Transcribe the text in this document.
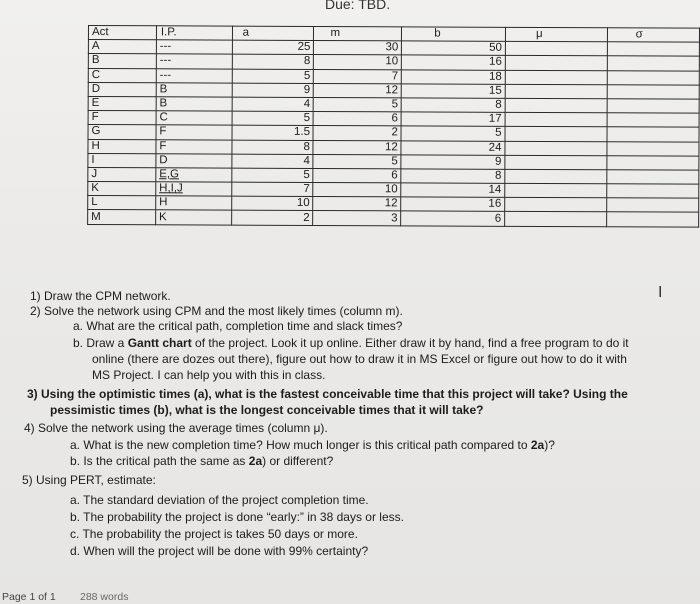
Due: TBD.
Act	I.P.	a	m	b	μ	σ
A	---	25	30	50		
B	---	8	10	16		
C	---	5	7	18		
D	B	9	12	15		
E	B	4	5	8		
F	C	5	6	17		
G	F	1.5	2	5		
H	F	8	12	24		
I	D	4	5	9		
J	E,G	5	6	8		
K	H,I,J	7	10	14		
L	H	10	12	16		
M	K	2	3	6		
I
1) Draw the CPM network.
2) Solve the network using CPM and the most likely times (column m).
a. What are the critical path, completion time and slack times?
b. Draw a Gantt chart of the project. Look it up online. Either draw it by hand, find a free program to do it
online (there are dozes out there), figure out how to draw it in MS Excel or figure out how to do it with
MS Project. I can help you with this in class.
3) Using the optimistic times (a), what is the fastest conceivable time that this project will take? Using the
pessimistic times (b), what is the longest conceivable times that it will take?
4) Solve the network using the average times (column μ).
a. What is the new completion time? How much longer is this critical path compared to 2a)?
b. Is the critical path the same as 2a) or different?
5) Using PERT, estimate:
a. The standard deviation of the project completion time.
b. The probability the project is done “early:” in 38 days or less.
c. The probability the project is takes 50 days or more.
d. When will the project will be done with 99% certainty?
Page 1 of 1 288 words
